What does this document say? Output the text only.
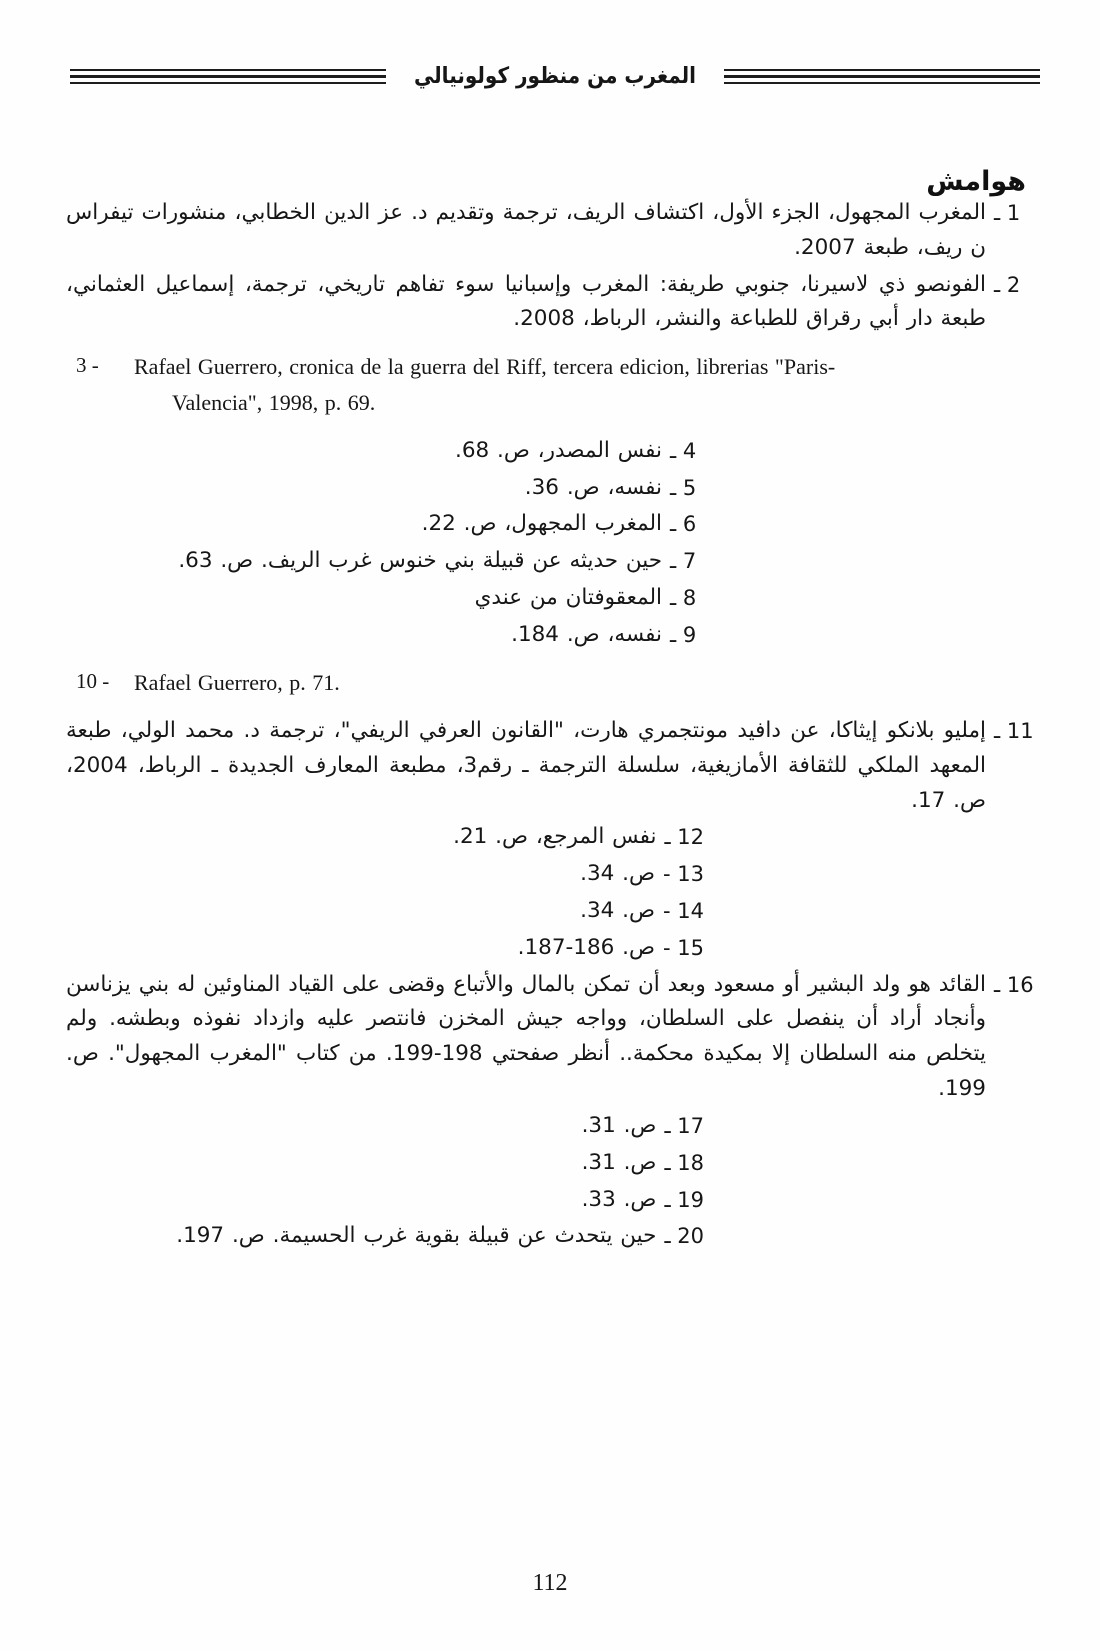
المغرب من منظور كولونيالي
هوامش
1 ـ
المغرب المجهول، الجزء الأول، اكتشاف الريف، ترجمة وتقديم د. عز الدين الخطابي، منشورات تيفراس ن ريف، طبعة 2007.
2 ـ
الفونصو ذي لاسيرنا، جنوبي طريفة: المغرب وإسبانيا سوء تفاهم تاريخي، ترجمة، إسماعيل العثماني، طبعة دار أبي رقراق للطباعة والنشر، الرباط، 2008.
3 -	Rafael Guerrero, cronica de la guerra del Riff, tercera edicion, librerias "Paris-
Valencia", 1998, p. 69.
4 ـ
نفس المصدر، ص. 68.
5 ـ
نفسه، ص. 36.
6 ـ
المغرب المجهول، ص. 22.
7 ـ
حين حديثه عن قبيلة بني خنوس غرب الريف. ص. 63.
8 ـ
المعقوفتان من عندي
9 ـ
نفسه، ص. 184.
10 -	Rafael Guerrero, p. 71.
11 ـ
إمليو بلانكو إيثاكا، عن دافيد مونتجمري هارت، "القانون العرفي الريفي"، ترجمة د. محمد الولي، طبعة المعهد الملكي للثقافة الأمازيغية، سلسلة الترجمة ـ رقم3، مطبعة المعارف الجديدة ـ الرباط، 2004، ص. 17.
12 ـ
نفس المرجع، ص. 21.
13 -
ص. 34.
14 -
ص. 34.
15 -
ص. 186-187.
16 ـ
القائد هو ولد البشير أو مسعود وبعد أن تمكن بالمال والأتباع وقضى على القياد المناوئين له بني يزناسن وأنجاد أراد أن ينفصل على السلطان، وواجه جيش المخزن فانتصر عليه وازداد نفوذه وبطشه. ولم يتخلص منه السلطان إلا بمكيدة محكمة.. أنظر صفحتي 198-199. من كتاب "المغرب المجهول". ص. 199.
17 ـ
ص. 31.
18 ـ
ص. 31.
19 ـ
ص. 33.
20 ـ
حين يتحدث عن قبيلة بقوية غرب الحسيمة. ص. 197.
112
